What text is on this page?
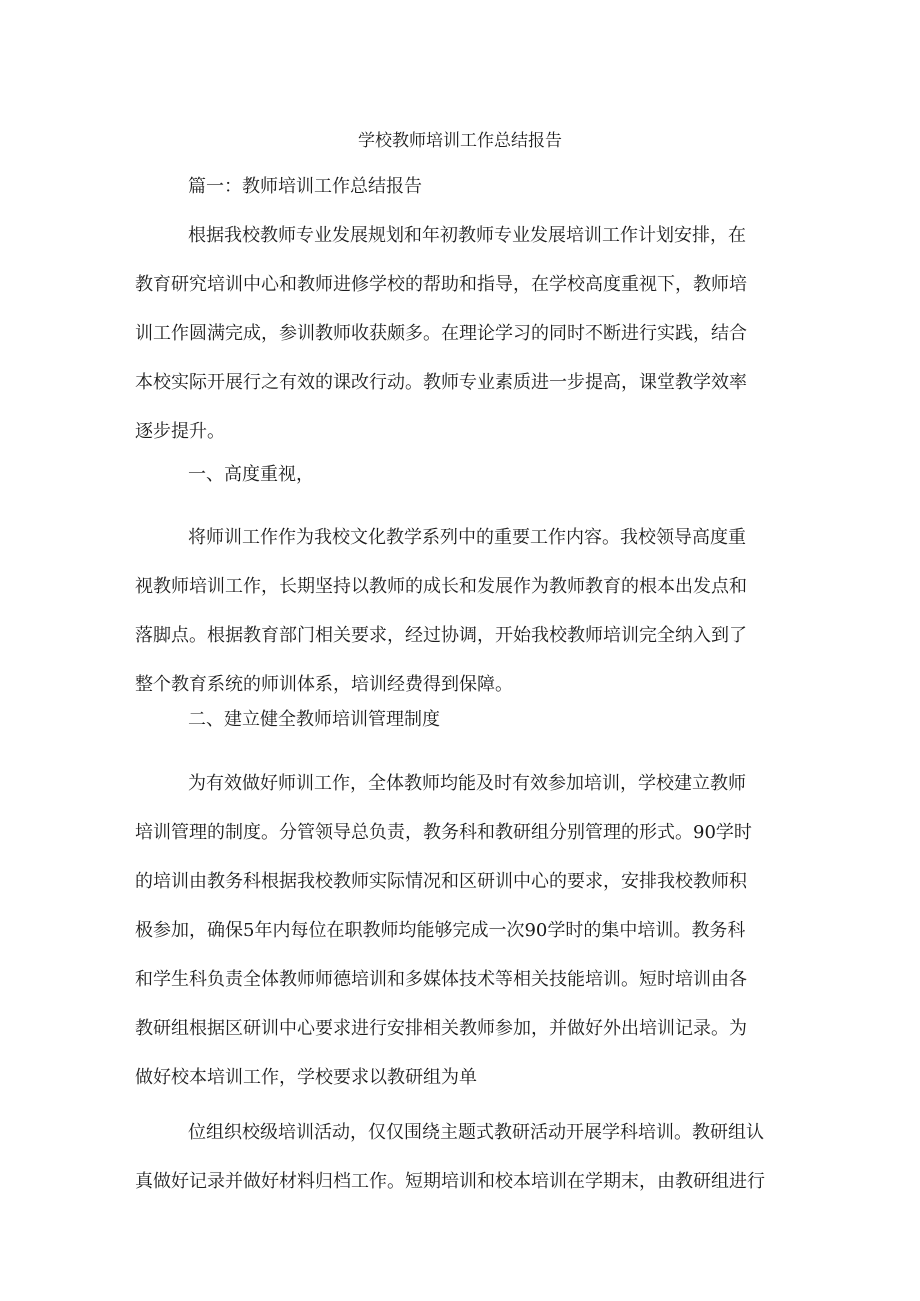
学校教师培训工作总结报告
篇一：教师培训工作总结报告
根据我校教师专业发展规划和年初教师专业发展培训工作计划安排，在
教育研究培训中心和教师进修学校的帮助和指导，在学校高度重视下，教师培
训工作圆满完成，参训教师收获颇多。在理论学习的同时不断进行实践，结合
本校实际开展行之有效的课改行动。教师专业素质进一步提高，课堂教学效率
逐步提升。
一、高度重视，
将师训工作作为我校文化教学系列中的重要工作内容。我校领导高度重
视教师培训工作，长期坚持以教师的成长和发展作为教师教育的根本出发点和
落脚点。根据教育部门相关要求，经过协调，开始我校教师培训完全纳入到了
整个教育系统的师训体系，培训经费得到保障。
二、建立健全教师培训管理制度
为有效做好师训工作，全体教师均能及时有效参加培训，学校建立教师
培训管理的制度。分管领导总负责，教务科和教研组分别管理的形式。90学时
的培训由教务科根据我校教师实际情况和区研训中心的要求，安排我校教师积
极参加，确保5年内每位在职教师均能够完成一次90学时的集中培训。教务科
和学生科负责全体教师师德培训和多媒体技术等相关技能培训。短时培训由各
教研组根据区研训中心要求进行安排相关教师参加，并做好外出培训记录。为
做好校本培训工作，学校要求以教研组为单
位组织校级培训活动，仅仅围绕主题式教研活动开展学科培训。教研组认
真做好记录并做好材料归档工作。短期培训和校本培训在学期末，由教研组进行
